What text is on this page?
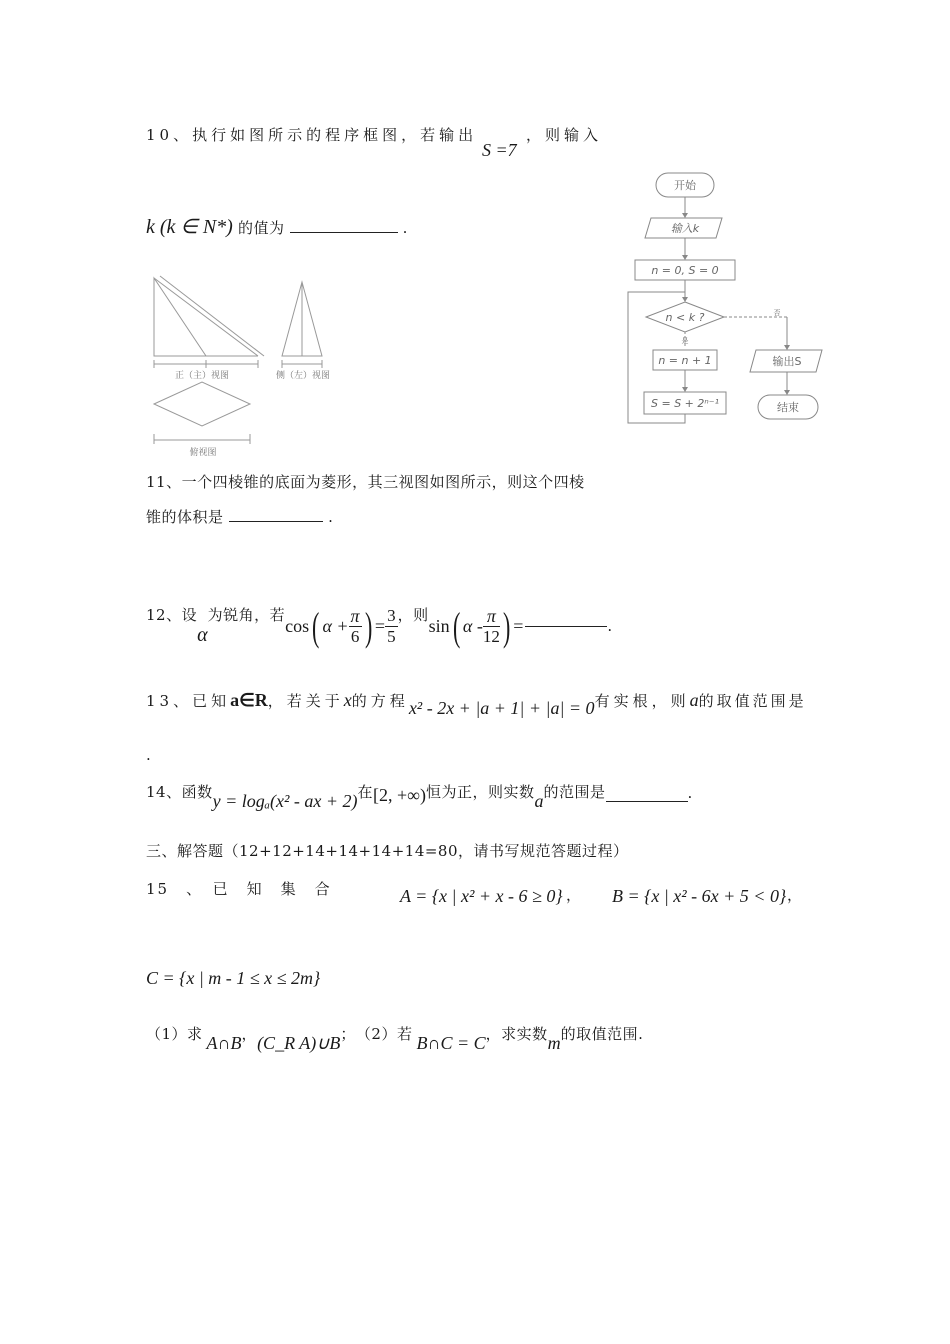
10、执行如图所示的程序框图，若输出
S =7
，则输入
k (k ∈ N*) 的值为	.
开始
输入k
n = 0, S = 0
n < k ?
是
否
n = n + 1
S = S + 2ⁿ⁻¹
输出S
结束
正（主）视图	侧（左）视图
俯视图
11、一个四棱锥的底面为菱形，其三视图如图所示，则这个四棱
锥的体积是	.
12、设
α
为锐角，若
cos ( $\alpha + \frac{\pi}{6}$ ) = $\frac{3}{5}$ ，则
sin ( α - $\frac{\pi}{12}$ ) =	.
13、已知 a∈R ，若关于 x 的方程 x² - 2x + |a + 1| + |a| = 0 有实根，则 a 的取值范围是
.
14、函数 y = logₐ(x² - ax + 2) 在 [2, +∞) 恒为正，则实数 a 的范围是	.
三、解答题（12+12+14+14+14+14=80，请书写规范答题过程）
15　、　已　知　集　合	A = {x | x² + x - 6 ≥ 0} ， B = {x | x² - 6x + 5 < 0} ，
C = {x | m - 1 ≤ x ≤ 2m}
（1）求 A∩B ， (C_R A)∪B ； （2）若 B∩C = C ，求实数 m 的取值范围.
